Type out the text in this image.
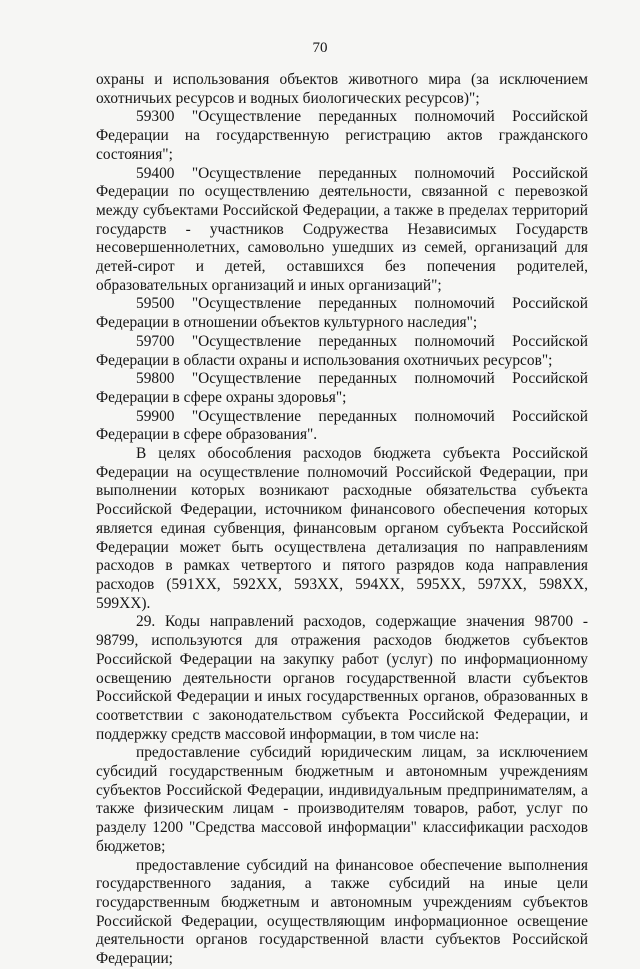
70

охраны и использования объектов животного мира (за исключением охотничьих ресурсов и водных биологических ресурсов)";

59300 "Осуществление переданных полномочий Российской Федерации на государственную регистрацию актов гражданского состояния";

59400 "Осуществление переданных полномочий Российской Федерации по осуществлению деятельности, связанной с перевозкой между субъектами Российской Федерации, а также в пределах территорий государств - участников Содружества Независимых Государств несовершеннолетних, самовольно ушедших из семей, организаций для детей-сирот и детей, оставшихся без попечения родителей, образовательных организаций и иных организаций";

59500 "Осуществление переданных полномочий Российской Федерации в отношении объектов культурного наследия";

59700 "Осуществление переданных полномочий Российской Федерации в области охраны и использования охотничьих ресурсов";

59800 "Осуществление переданных полномочий Российской Федерации в сфере охраны здоровья";

59900 "Осуществление переданных полномочий Российской Федерации в сфере образования".

В целях обособления расходов бюджета субъекта Российской Федерации на осуществление полномочий Российской Федерации, при выполнении которых возникают расходные обязательства субъекта Российской Федерации, источником финансового обеспечения которых является единая субвенция, финансовым органом субъекта Российской Федерации может быть осуществлена детализация по направлениям расходов в рамках четвертого и пятого разрядов кода направления расходов (591XX, 592XX, 593XX, 594XX, 595XX, 597XX, 598XX, 599XX).

29. Коды направлений расходов, содержащие значения 98700 - 98799, используются для отражения расходов бюджетов субъектов Российской Федерации на закупку работ (услуг) по информационному освещению деятельности органов государственной власти субъектов Российской Федерации и иных государственных органов, образованных в соответствии с законодательством субъекта Российской Федерации, и поддержку средств массовой информации, в том числе на:

предоставление субсидий юридическим лицам, за исключением субсидий государственным бюджетным и автономным учреждениям субъектов Российской Федерации, индивидуальным предпринимателям, а также физическим лицам - производителям товаров, работ, услуг по разделу 1200 "Средства массовой информации" классификации расходов бюджетов;

предоставление субсидий на финансовое обеспечение выполнения государственного задания, а также субсидий на иные цели государственным бюджетным и автономным учреждениям субъектов Российской Федерации, осуществляющим информационное освещение деятельности органов государственной власти субъектов Российской Федерации;
